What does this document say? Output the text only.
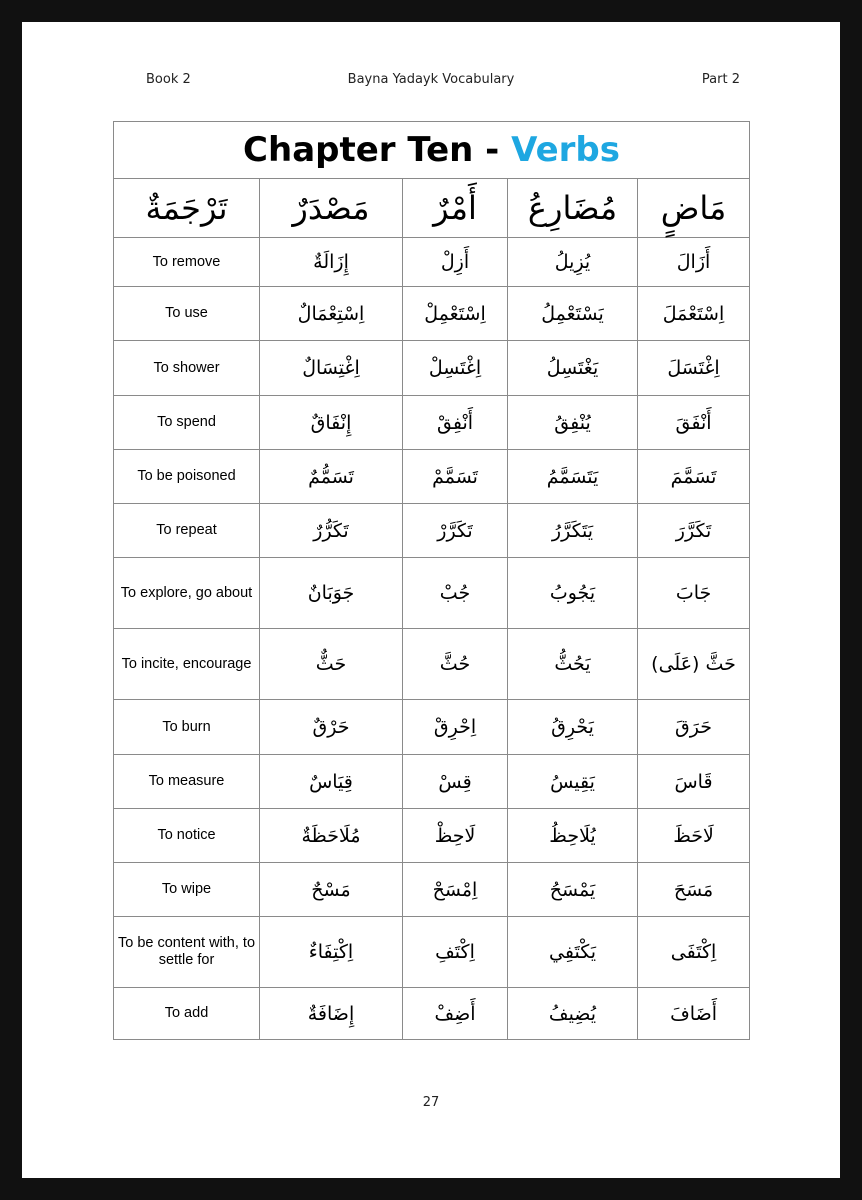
Book 2	Bayna Yadayk Vocabulary	Part 2
Chapter Ten - Verbs				
تَرْجَمَةٌ	مَصْدَرٌ	أَمْرٌ	مُضَارِعُ	مَاضٍ
To remove	إِزَالَةٌ	أَزِلْ	يُزِيلُ	أَزَالَ
To use	اِسْتِعْمَالٌ	اِسْتَعْمِلْ	يَسْتَعْمِلُ	اِسْتَعْمَلَ
To shower	اِغْتِسَالٌ	اِغْتَسِلْ	يَغْتَسِلُ	اِغْتَسَلَ
To spend	إِنْفَاقٌ	أَنْفِقْ	يُنْفِقُ	أَنْفَقَ
To be poisoned	تَسَمُّمٌ	تَسَمَّمْ	يَتَسَمَّمُ	تَسَمَّمَ
To repeat	تَكَرُّرٌ	تَكَرَّرْ	يَتَكَرَّرُ	تَكَرَّرَ
To explore, go about	جَوَبَانٌ	جُبْ	يَجُوبُ	جَابَ
To incite, encourage	حَثٌّ	حُثَّ	يَحُثُّ	حَثَّ (عَلَى)
To burn	حَرْقٌ	اِحْرِقْ	يَحْرِقُ	حَرَقَ
To measure	قِيَاسٌ	قِسْ	يَقِيسُ	قَاسَ
To notice	مُلَاحَظَةٌ	لَاحِظْ	يُلَاحِظُ	لَاحَظَ
To wipe	مَسْحٌ	اِمْسَحْ	يَمْسَحُ	مَسَحَ
To be content with, to settle for	اِكْتِفَاءٌ	اِكْتَفِ	يَكْتَفِي	اِكْتَفَى
To add	إِضَافَةٌ	أَضِفْ	يُضِيفُ	أَضَافَ
27
